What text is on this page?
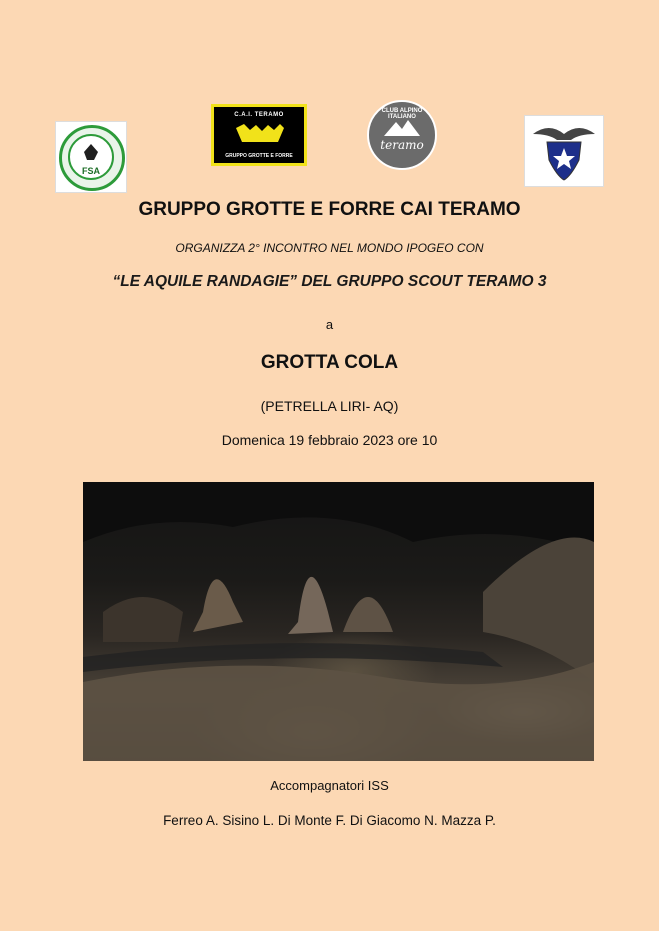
FSA
C.A.I. TERAMO
GRUPPO GROTTE E FORRE
CLUB ALPINO ITALIANO
teramo
GRUPPO GROTTE E FORRE CAI TERAMO
ORGANIZZA 2° INCONTRO NEL MONDO IPOGEO CON
“LE AQUILE RANDAGIE” DEL GRUPPO SCOUT TERAMO 3
a
GROTTA COLA
(PETRELLA LIRI- AQ)
Domenica 19 febbraio 2023 ore 10
Accompagnatori ISS
Ferreo A. Sisino L. Di Monte F. Di Giacomo N. Mazza P.
